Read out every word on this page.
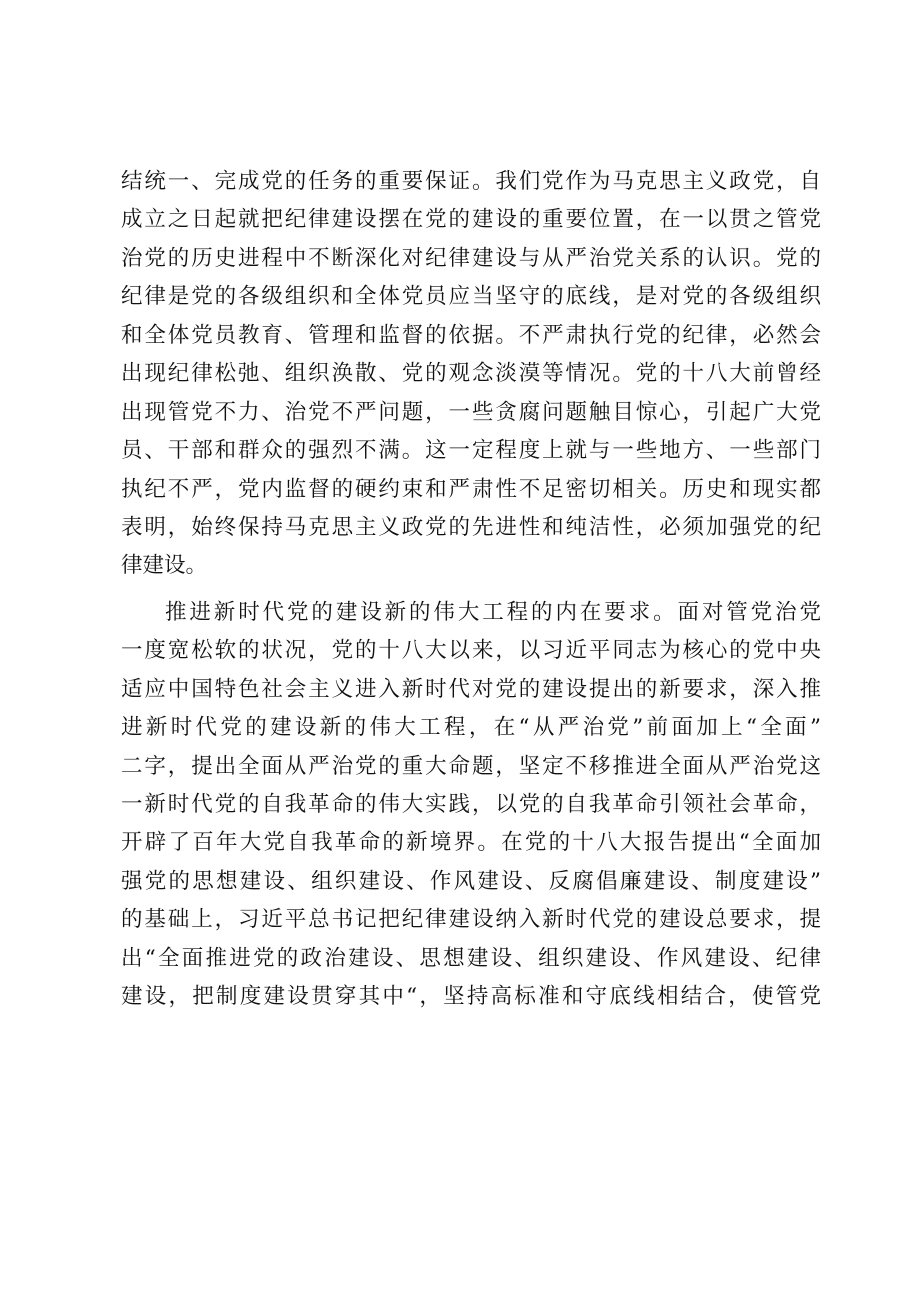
结统一、完成党的任务的重要保证。我们党作为马克思主义政党，自
成立之日起就把纪律建设摆在党的建设的重要位置，在一以贯之管党
治党的历史进程中不断深化对纪律建设与从严治党关系的认识。党的
纪律是党的各级组织和全体党员应当坚守的底线，是对党的各级组织
和全体党员教育、管理和监督的依据。不严肃执行党的纪律，必然会
出现纪律松弛、组织涣散、党的观念淡漠等情况。党的十八大前曾经
出现管党不力、治党不严问题，一些贪腐问题触目惊心，引起广大党
员、干部和群众的强烈不满。这一定程度上就与一些地方、一些部门
执纪不严，党内监督的硬约束和严肃性不足密切相关。历史和现实都
表明，始终保持马克思主义政党的先进性和纯洁性，必须加强党的纪
律建设。
推进新时代党的建设新的伟大工程的内在要求。面对管党治党
一度宽松软的状况，党的十八大以来，以习近平同志为核心的党中央
适应中国特色社会主义进入新时代对党的建设提出的新要求，深入推
进新时代党的建设新的伟大工程，在“从严治党”前面加上“全面”
二字，提出全面从严治党的重大命题，坚定不移推进全面从严治党这
一新时代党的自我革命的伟大实践，以党的自我革命引领社会革命，
开辟了百年大党自我革命的新境界。在党的十八大报告提出“全面加
强党的思想建设、组织建设、作风建设、反腐倡廉建设、制度建设”
的基础上，习近平总书记把纪律建设纳入新时代党的建设总要求，提
出“全面推进党的政治建设、思想建设、组织建设、作风建设、纪律
建设，把制度建设贯穿其中“，坚持高标准和守底线相结合，使管党
